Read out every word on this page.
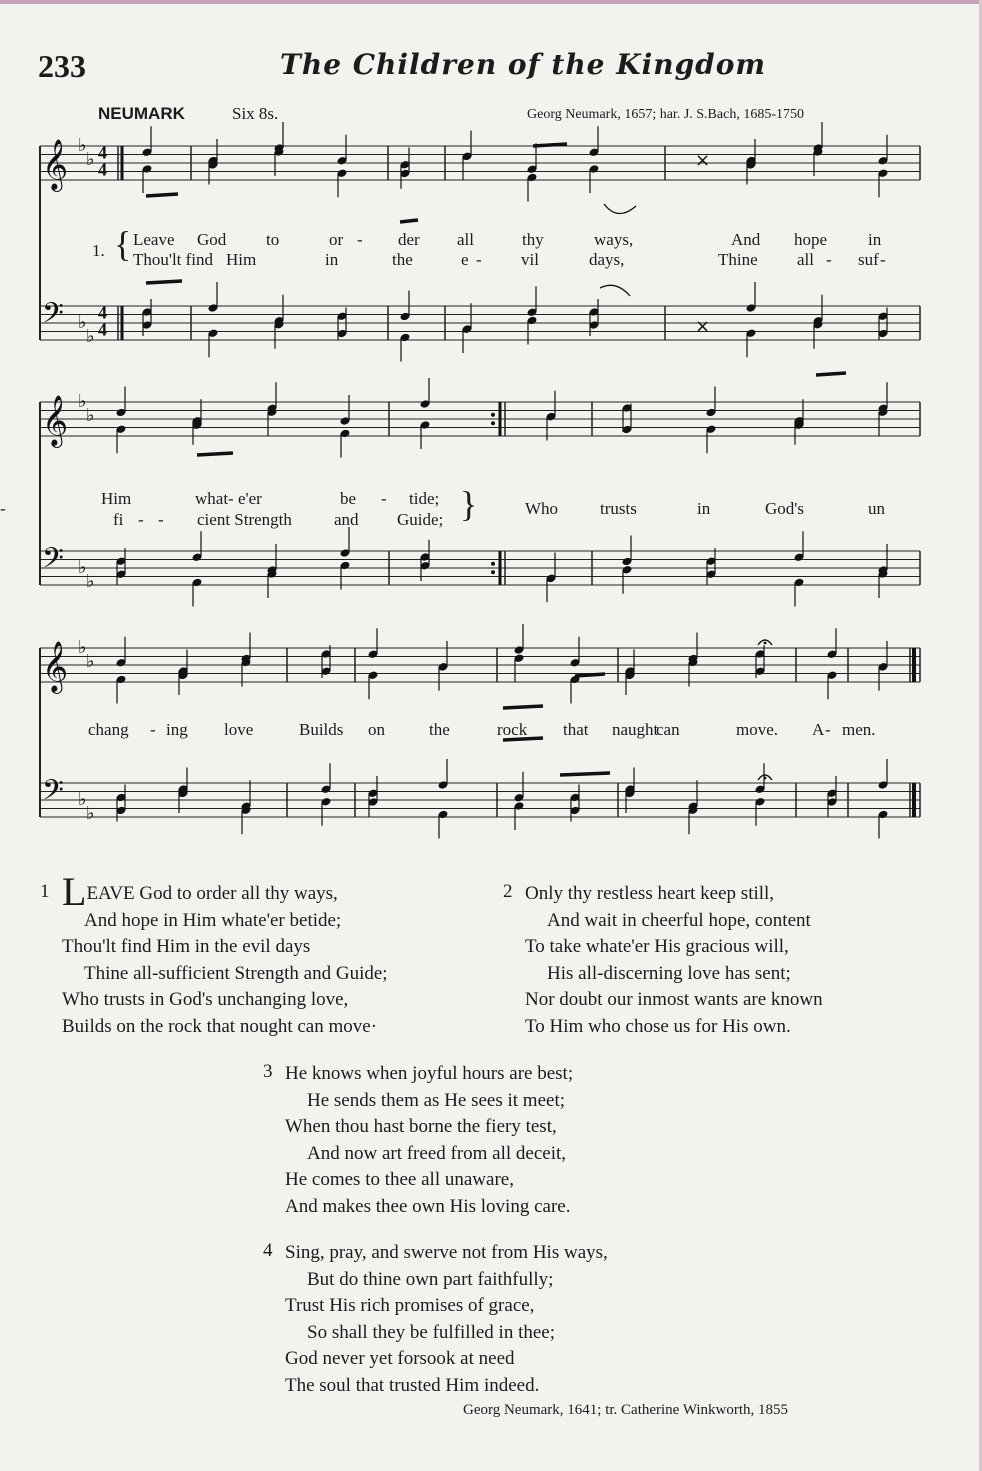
233	The Children of the Kingdom
NEUMARK	Six 8s.	Georg Neumark, 1657; har. J. S.Bach, 1685-1750
𝄞 ♭
♭ 4
4
𝄢 ♭
♭
4
4
𝄞 ♭
♭
𝄢 ♭
♭
𝄞 ♭
♭
𝄢 ♭
♭
×
×
1. { Leave God to	or - der all	thy	ways,	And hope in
Thou'lt find Him	in	the	e - vil	days,	Thine all - suf -
Him	what- e'er	be - tide;
fi - - cient Strength and Guide;
Who trusts	in	God's	un
-
chang - ing love	Builds on	the	rock that naught
can	move. A - men.
}
1 LEAVE God to order all thy ways,
And hope in Him whate'er betide;
Thou'lt find Him in the evil days
Thine all-sufficient Strength and Guide;
Who trusts in God's unchanging love,
Builds on the rock that nought can move·
2 Only thy restless heart keep still,
And wait in cheerful hope, content
To take whate'er His gracious will,
His all-discerning love has sent;
Nor doubt our inmost wants are known
To Him who chose us for His own.
3 He knows when joyful hours are best;
He sends them as He sees it meet;
When thou hast borne the fiery test,
And now art freed from all deceit,
He comes to thee all unaware,
And makes thee own His loving care.
4 Sing, pray, and swerve not from His ways,
But do thine own part faithfully;
Trust His rich promises of grace,
So shall they be fulfilled in thee;
God never yet forsook at need
The soul that trusted Him indeed.
Georg Neumark, 1641; tr. Catherine Winkworth, 1855
